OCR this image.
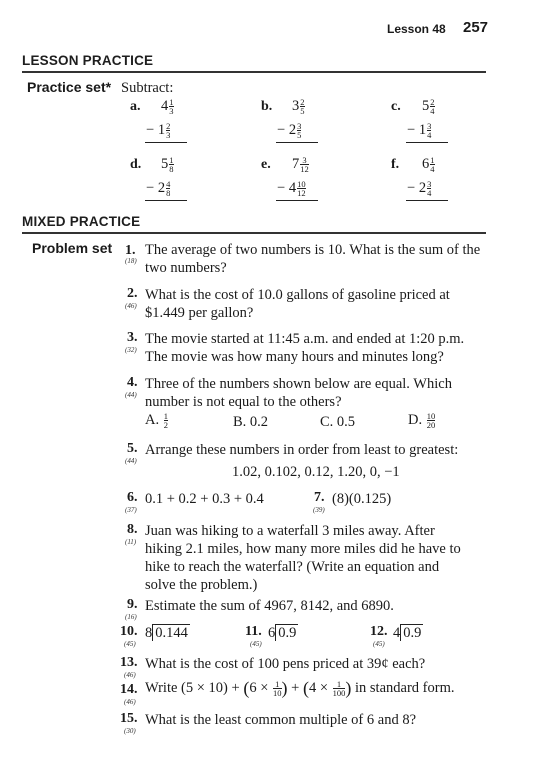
Lesson 48 257
LESSON PRACTICE
Practice set* Subtract:
a. $4 \frac{1}{3}$
− $1 \frac{2}{3}$
b. $3 \frac{2}{5}$
− $2 \frac{3}{5}$
c. $5 \frac{2}{4}$
− $1 \frac{3}{4}$
d. $5 \frac{1}{8}$
− $2 \frac{4}{8}$
e. $7 \frac{3}{12}$
− $4 \frac{10}{12}$
f. $6 \frac{1}{4}$
− $2 \frac{3}{4}$
MIXED PRACTICE
Problem set 1.
(18)
The average of two numbers is 10. What is the sum of the
two numbers?
2.
(46)
What is the cost of 10.0 gallons of gasoline priced at
$1.449 per gallon?
3.
(32)
The movie started at 11:45 a.m. and ended at 1:20 p.m.
The movie was how many hours and minutes long?
4.
(44)
Three of the numbers shown below are equal. Which
number is not equal to the others?
A. $\frac{1}{2}$	B. 0.2	C. 0.5	D. $\frac{10}{20}$
5.
(44)
Arrange these numbers in order from least to greatest:
1.02, 0.102, 0.12, 1.20, 0, −1
6.
(37)
0.1 + 0.2 + 0.3 + 0.4	7.
(39)
(8)(0.125)
8.
(11)
Juan was hiking to a waterfall 3 miles away. After
hiking 2.1 miles, how many more miles did he have to
hike to reach the waterfall? (Write an equation and
solve the problem.)
9.
(16)
Estimate the sum of 4967, 8142, and 6890.
10.
(45)
8 0.144	11.
(45)
6 0.9	12.
(45)
4 0.9
13.
(46)
What is the cost of 100 pens priced at 39¢ each?
14.
(46)
Write $(5 \times 10) + (6 \times \frac{1}{10}$ ) + ($4 \times \frac{1}{100}$ ) in standard form.
15.
(30)
What is the least common multiple of 6 and 8?
